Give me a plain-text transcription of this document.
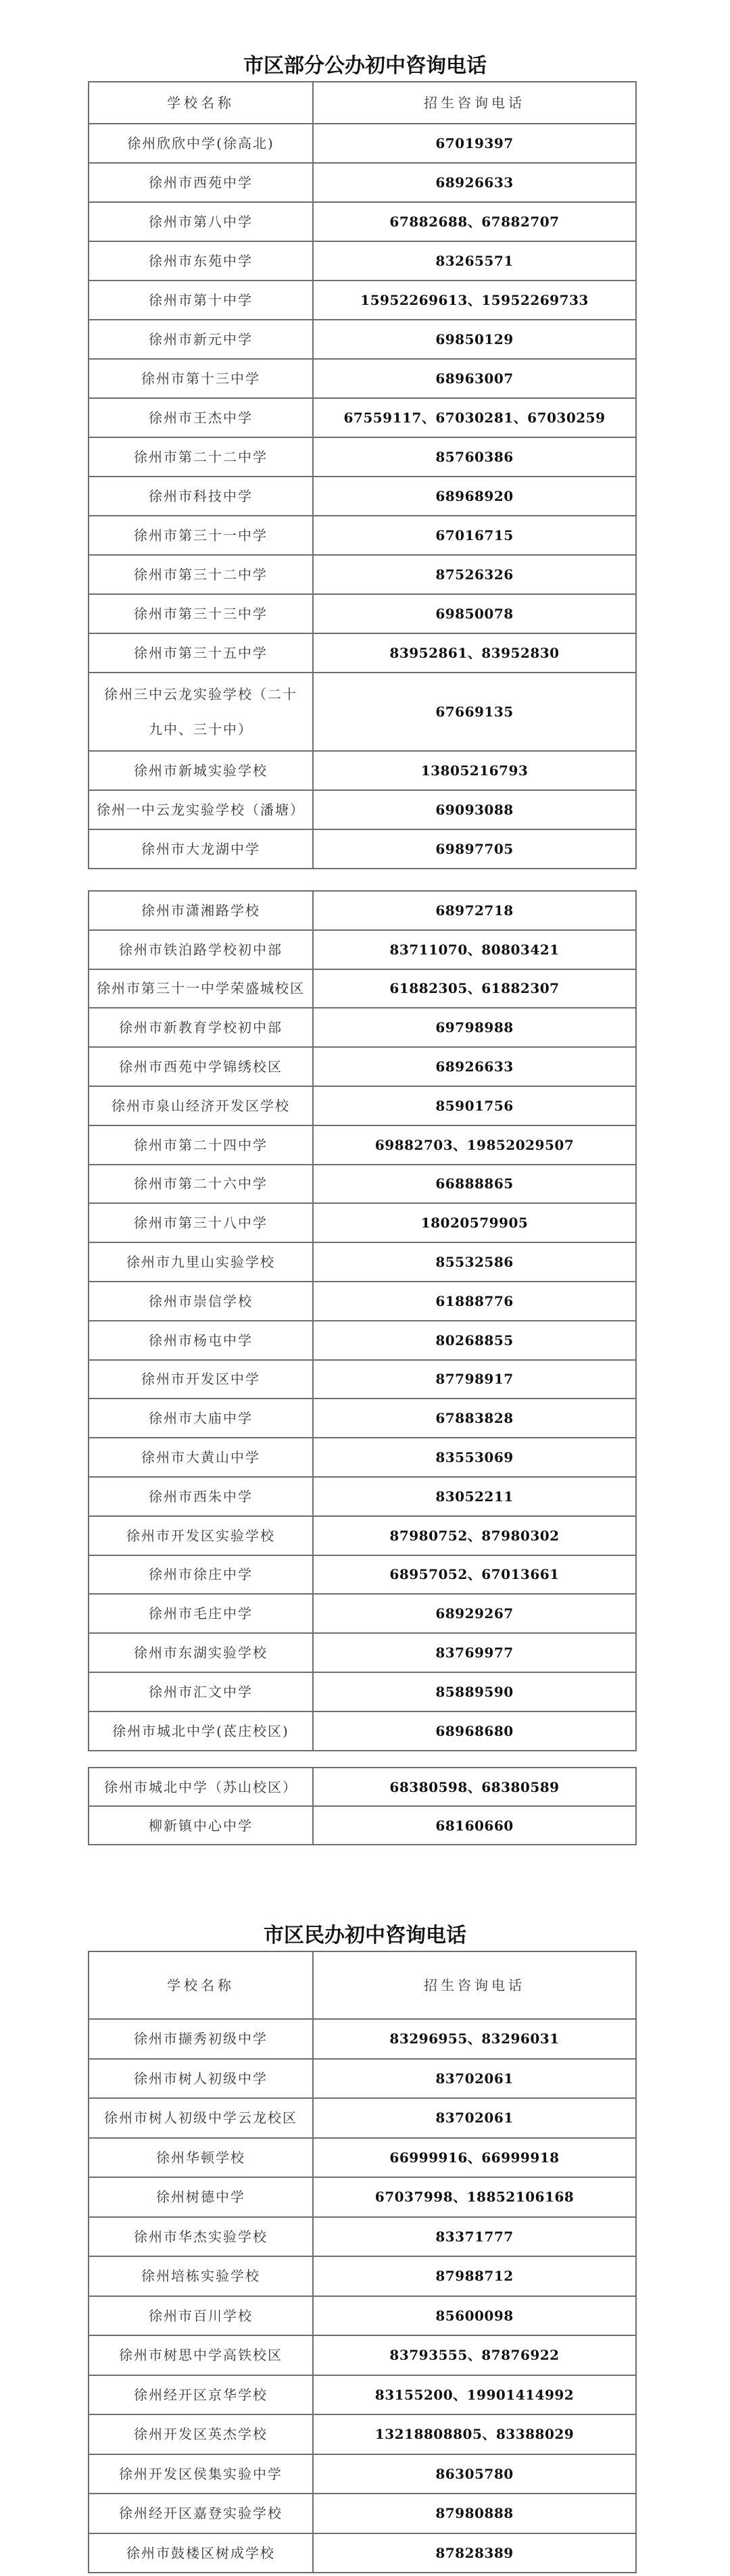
市区部分公办初中咨询电话
学校名称	招生咨询电话
徐州欣欣中学(徐高北)	67019397
徐州市西苑中学	68926633
徐州市第八中学	67882688、67882707
徐州市东苑中学	83265571
徐州市第十中学	15952269613、15952269733
徐州市新元中学	69850129
徐州市第十三中学	68963007
徐州市王杰中学	67559117、67030281、67030259
徐州市第二十二中学	85760386
徐州市科技中学	68968920
徐州市第三十一中学	67016715
徐州市第三十二中学	87526326
徐州市第三十三中学	69850078
徐州市第三十五中学	83952861、83952830
徐州三中云龙实验学校（二十九中、三十中）	67669135
徐州市新城实验学校	13805216793
徐州一中云龙实验学校（潘塘）	69093088
徐州市大龙湖中学	69897705
徐州市潇湘路学校	68972718
徐州市铁泊路学校初中部	83711070、80803421
徐州市第三十一中学荣盛城校区	61882305、61882307
徐州市新教育学校初中部	69798988
徐州市西苑中学锦绣校区	68926633
徐州市泉山经济开发区学校	85901756
徐州市第二十四中学	69882703、19852029507
徐州市第二十六中学	66888865
徐州市第三十八中学	18020579905
徐州市九里山实验学校	85532586
徐州市崇信学校	61888776
徐州市杨屯中学	80268855
徐州市开发区中学	87798917
徐州市大庙中学	67883828
徐州市大黄山中学	83553069
徐州市西朱中学	83052211
徐州市开发区实验学校	87980752、87980302
徐州市徐庄中学	68957052、67013661
徐州市毛庄中学	68929267
徐州市东湖实验学校	83769977
徐州市汇文中学	85889590
徐州市城北中学(茋庄校区)	68968680
徐州市城北中学（苏山校区）	68380598、68380589
柳新镇中心中学	68160660
市区民办初中咨询电话
学校名称	招生咨询电话
徐州市撷秀初级中学	83296955、83296031
徐州市树人初级中学	83702061
徐州市树人初级中学云龙校区	83702061
徐州华顿学校	66999916、66999918
徐州树德中学	67037998、18852106168
徐州市华杰实验学校	83371777
徐州培栋实验学校	87988712
徐州市百川学校	85600098
徐州市树思中学高铁校区	83793555、87876922
徐州经开区京华学校	83155200、19901414992
徐州开发区英杰学校	13218808805、83388029
徐州开发区侯集实验中学	86305780
徐州经开区嘉登实验学校	87980888
徐州市鼓楼区树成学校	87828389
